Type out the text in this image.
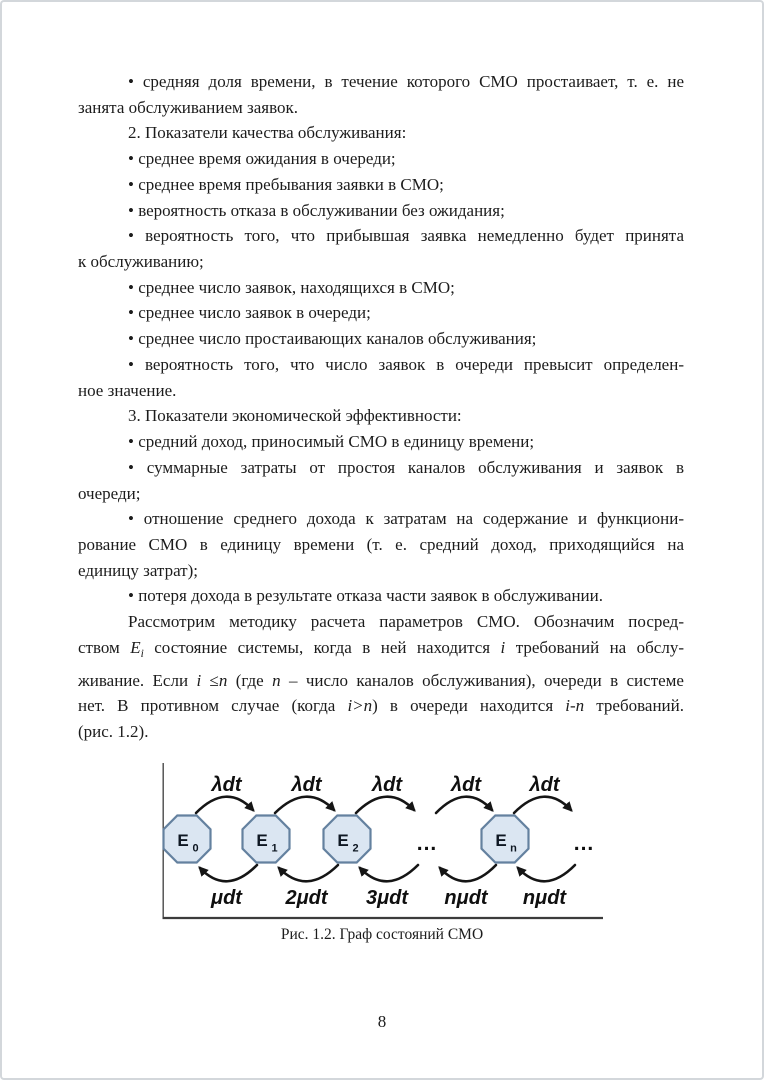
• средняя доля времени, в течение которого СМО простаивает, т. е. не
занята обслуживанием заявок.
2. Показатели качества обслуживания:
• среднее время ожидания в очереди;
• среднее время пребывания заявки в СМО;
• вероятность отказа в обслуживании без ожидания;
• вероятность того, что прибывшая заявка немедленно будет принята
к обслуживанию;
• среднее число заявок, находящихся в СМО;
• среднее число заявок в очереди;
• среднее число простаивающих каналов обслуживания;
• вероятность того, что число заявок в очереди превысит определен-
ное значение.
3. Показатели экономической эффективности:
• средний доход, приносимый СМО в единицу времени;
• суммарные затраты от простоя каналов обслуживания и заявок в
очереди;
• отношение среднего дохода к затратам на содержание и функциони-
рование СМО в единицу времени (т. е. средний доход, приходящийся на
единицу затрат);
• потеря дохода в результате отказа части заявок в обслуживании.
Рассмотрим методику расчета параметров СМО. Обозначим посред-
ством $E_i$ состояние системы, когда в ней находится i требований на обслу-
живание. Если i ≤n (где n – число каналов обслуживания), очереди в системе
нет. В противном случае (когда i>n) в очереди находится i-n требований.
(рис. 1.2).
E 0	E 1	E 2	E n
...	...
λdt	λdt	λdt λdt λdt
μdt 2μdt 3μdt nμdt nμdt
Рис. 1.2. Граф состояний СМО
8
